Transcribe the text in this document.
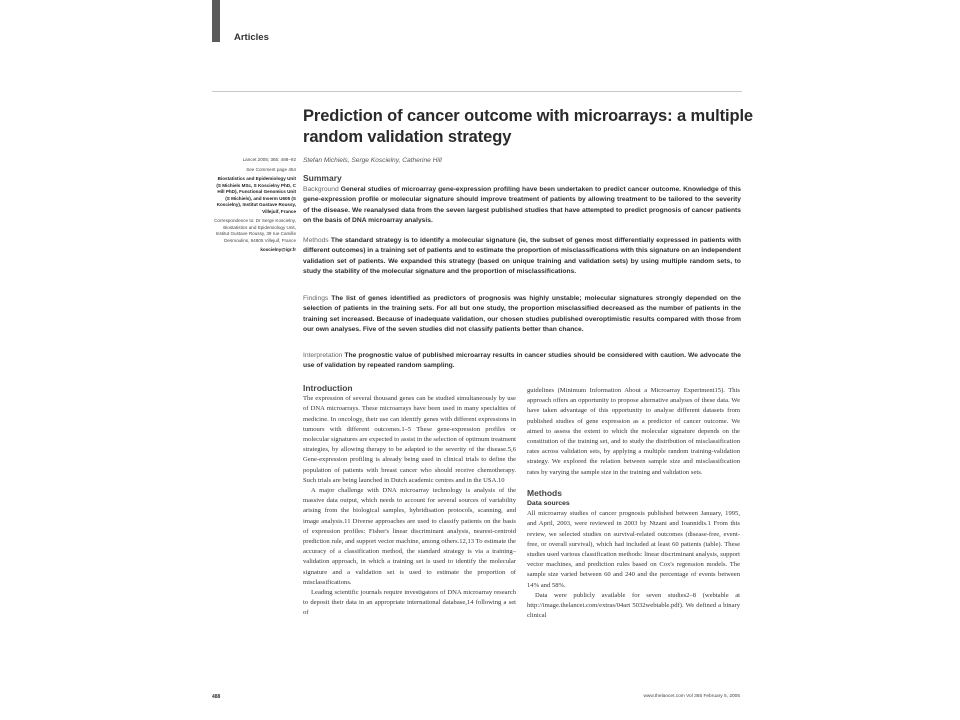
Articles
Prediction of cancer outcome with microarrays: a multiple random validation strategy
Stefan Michiels, Serge Koscielny, Catherine Hill

Lancet 2005; 365: 488–92

See Comment page 454

Biostatistics and Epidemiology Unit (S Michiels MSc, S Koscielny PhD, C Hill PhD), Functional Genomics Unit (S Michiels), and Inserm U605 (S Koscielny), Institut Gustave Roussy, Villejuif, France

Correspondence to: Dr Serge Koscielny, Biostatistics and Epidemiology Unit, Institut Gustave Roussy, 39 rue Camille Desmoulins, 94805 Villejuif, France

koscielny@igr.fr

Summary
Background General studies of microarray gene-expression profiling have been undertaken to predict cancer outcome. Knowledge of this gene-expression profile or molecular signature should improve treatment of patients by allowing treatment to be tailored to the severity of the disease. We reanalysed data from the seven largest published studies that have attempted to predict prognosis of cancer patients on the basis of DNA microarray analysis.
Methods The standard strategy is to identify a molecular signature (ie, the subset of genes most differentially expressed in patients with different outcomes) in a training set of patients and to estimate the proportion of misclassifications with this signature on an independent validation set of patients. We expanded this strategy (based on unique training and validation sets) by using multiple random sets, to study the stability of the molecular signature and the proportion of misclassifications.
Findings The list of genes identified as predictors of prognosis was highly unstable; molecular signatures strongly depended on the selection of patients in the training sets. For all but one study, the proportion misclassified decreased as the number of patients in the training set increased. Because of inadequate validation, our chosen studies published overoptimistic results compared with those from our own analyses. Five of the seven studies did not classify patients better than chance.
Interpretation The prognostic value of published microarray results in cancer studies should be considered with caution. We advocate the use of validation by repeated random sampling.
Introduction

The expression of several thousand genes can be studied simultaneously by use of DNA microarrays. These microarrays have been used in many specialties of medicine. In oncology, their use can identify genes with different expressions in tumours with different outcomes.1–5 These gene-expression profiles or molecular signatures are expected to assist in the selection of optimum treatment strategies, by allowing therapy to be adapted to the severity of the disease.5,6 Gene-expression profiling is already being used in clinical trials to define the population of patients with breast cancer who should receive chemotherapy. Such trials are being launched in Dutch academic centres and in the USA.10

A major challenge with DNA microarray technology is analysis of the massive data output, which needs to account for several sources of variability arising from the biological samples, hybridisation protocols, scanning, and image analysis.11 Diverse approaches are used to classify patients on the basis of expression profiles: Fisher's linear discriminant analysis, nearest-centroid prediction rule, and support vector machine, among others.12,13 To estimate the accuracy of a classification method, the standard strategy is via a training–validation approach, in which a training set is used to identify the molecular signature and a validation set is used to estimate the proportion of misclassifications.

Leading scientific journals require investigators of DNA microarray research to deposit their data in an appropriate international database,14 following a set of

guidelines (Minimum Information About a Microarray Experiment15). This approach offers an opportunity to propose alternative analyses of these data. We have taken advantage of this opportunity to analyse different datasets from published studies of gene expression as a predictor of cancer outcome. We aimed to assess the extent to which the molecular signature depends on the constitution of the training set, and to study the distribution of misclassification rates across validation sets, by applying a multiple random training-validation strategy. We explored the relation between sample size and misclassification rates by varying the sample size in the training and validation sets.

Methods
Data sources

All microarray studies of cancer prognosis published between January, 1995, and April, 2003, were reviewed in 2003 by Ntzani and Ioannidis.1 From this review, we selected studies on survival-related outcomes (disease-free, event-free, or overall survival), which had included at least 60 patients (table). These studies used various classification methods: linear discriminant analysis, support vector machines, and prediction rules based on Cox's regression models. The sample size varied between 60 and 240 and the percentage of events between 14% and 58%.

Data were publicly available for seven studies2–8 (webtable at http://image.thelancet.com/extras/04art 5032webtable.pdf). We defined a binary clinical

488	www.thelancet.com Vol 365 February 5, 2005
